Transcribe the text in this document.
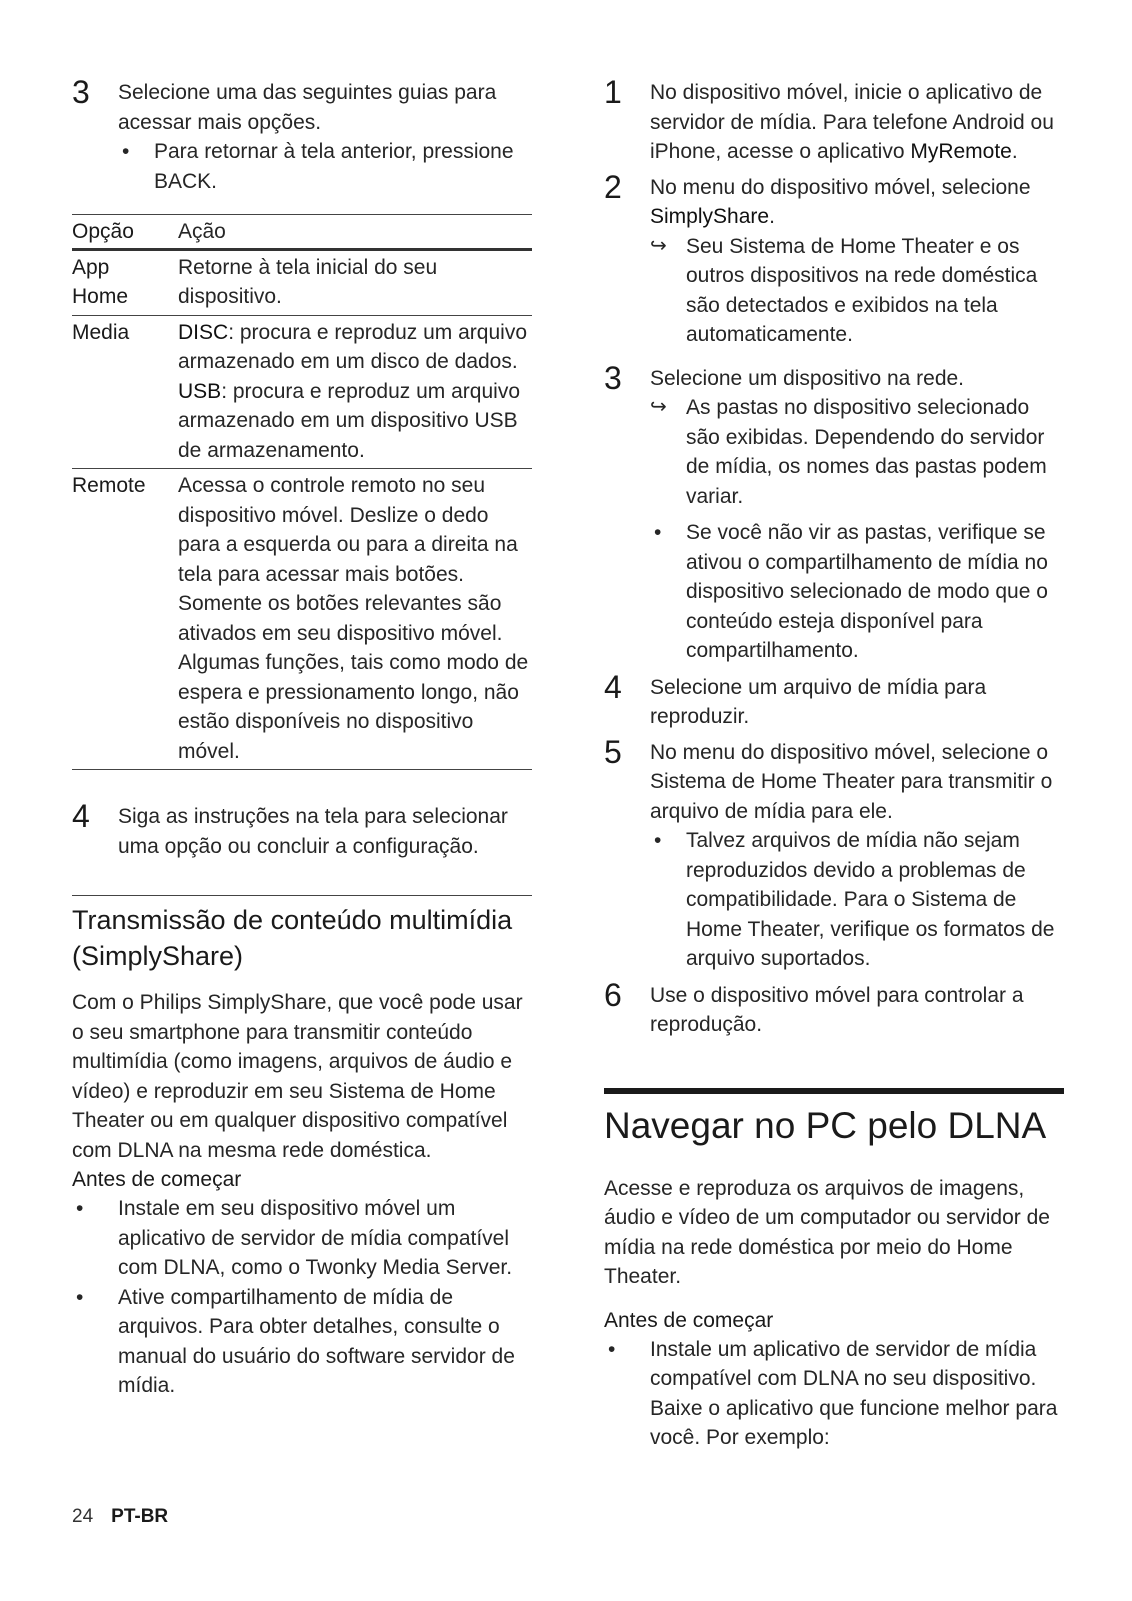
3 Selecione uma das seguintes guias para acessar mais opções.
• Para retornar à tela anterior, pressione BACK.
Opção	Ação
App Home	Retorne à tela inicial do seu dispositivo.
Media	DISC: procura e reproduz um arquivo armazenado em um disco de dados.
USB: procura e reproduz um arquivo armazenado em um dispositivo USB de armazenamento.

Remote	Acessa o controle remoto no seu dispositivo móvel. Deslize o dedo para a esquerda ou para a direita na tela para acessar mais botões. Somente os botões relevantes são ativados em seu dispositivo móvel. Algumas funções, tais como modo de espera e pressionamento longo, não estão disponíveis no dispositivo móvel.
4 Siga as instruções na tela para selecionar uma opção ou concluir a configuração.
Transmissão de conteúdo multimídia (SimplyShare)
Com o Philips SimplyShare, que você pode usar o seu smartphone para transmitir conteúdo multimídia (como imagens, arquivos de áudio e vídeo) e reproduzir em seu Sistema de Home Theater ou em qualquer dispositivo compatível com DLNA na mesma rede doméstica.
Antes de começar
• Instale em seu dispositivo móvel um aplicativo de servidor de mídia compatível com DLNA, como o Twonky Media Server.
• Ative compartilhamento de mídia de arquivos. Para obter detalhes, consulte o manual do usuário do software servidor de mídia.
1 No dispositivo móvel, inicie o aplicativo de servidor de mídia. Para telefone Android ou iPhone, acesse o aplicativo MyRemote.
2 No menu do dispositivo móvel, selecione SimplyShare.
↪ Seu Sistema de Home Theater e os outros dispositivos na rede doméstica são detectados e exibidos na tela automaticamente.
3 Selecione um dispositivo na rede.
↪ As pastas no dispositivo selecionado são exibidas. Dependendo do servidor de mídia, os nomes das pastas podem variar.
• Se você não vir as pastas, verifique se ativou o compartilhamento de mídia no dispositivo selecionado de modo que o conteúdo esteja disponível para compartilhamento.
4 Selecione um arquivo de mídia para reproduzir.
5 No menu do dispositivo móvel, selecione o Sistema de Home Theater para transmitir o arquivo de mídia para ele.
• Talvez arquivos de mídia não sejam reproduzidos devido a problemas de compatibilidade. Para o Sistema de Home Theater, verifique os formatos de arquivo suportados.
6 Use o dispositivo móvel para controlar a reprodução.
Navegar no PC pelo DLNA
Acesse e reproduza os arquivos de imagens, áudio e vídeo de um computador ou servidor de mídia na rede doméstica por meio do Home Theater.
Antes de começar
• Instale um aplicativo de servidor de mídia compatível com DLNA no seu dispositivo. Baixe o aplicativo que funcione melhor para você. Por exemplo:
24 PT-BR
